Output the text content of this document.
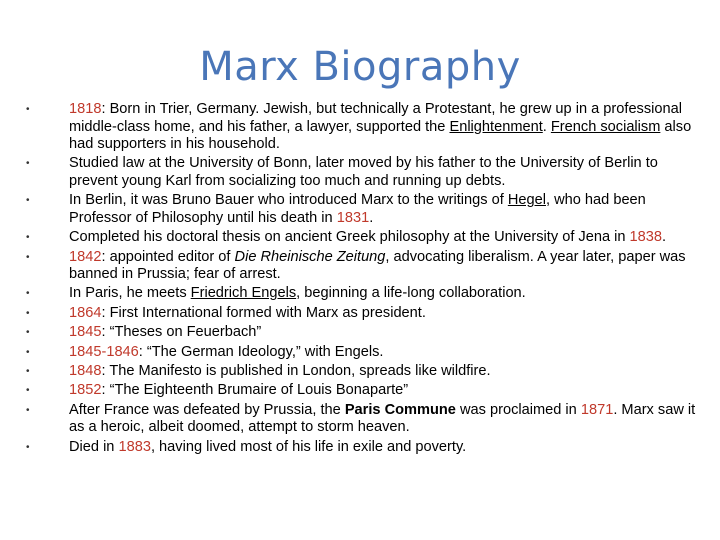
Marx Biography
•	1818: Born in Trier, Germany. Jewish, but technically a Protestant, he grew up in a professional middle-class home, and his father, a lawyer, supported the Enlightenment. French socialism also had supporters in his household.
•	Studied law at the University of Bonn, later moved by his father to the University of Berlin to prevent young Karl from socializing too much and running up debts.
•	In Berlin, it was Bruno Bauer who introduced Marx to the writings of Hegel, who had been Professor of Philosophy until his death in 1831.
•	Completed his doctoral thesis on ancient Greek philosophy at the University of Jena in 1838.
•	1842: appointed editor of Die Rheinische Zeitung, advocating liberalism. A year later, paper was banned in Prussia; fear of arrest.
•	In Paris, he meets Friedrich Engels, beginning a life-long collaboration.
•	1864: First International formed with Marx as president.
•	1845: “Theses on Feuerbach”
•	1845-1846: “The German Ideology,” with Engels.
•	1848: The Manifesto is published in London, spreads like wildfire.
•	1852: “The Eighteenth Brumaire of Louis Bonaparte”
•	After France was defeated by Prussia, the Paris Commune was proclaimed in 1871. Marx saw it as a heroic, albeit doomed, attempt to storm heaven.
•	Died in 1883, having lived most of his life in exile and poverty.
